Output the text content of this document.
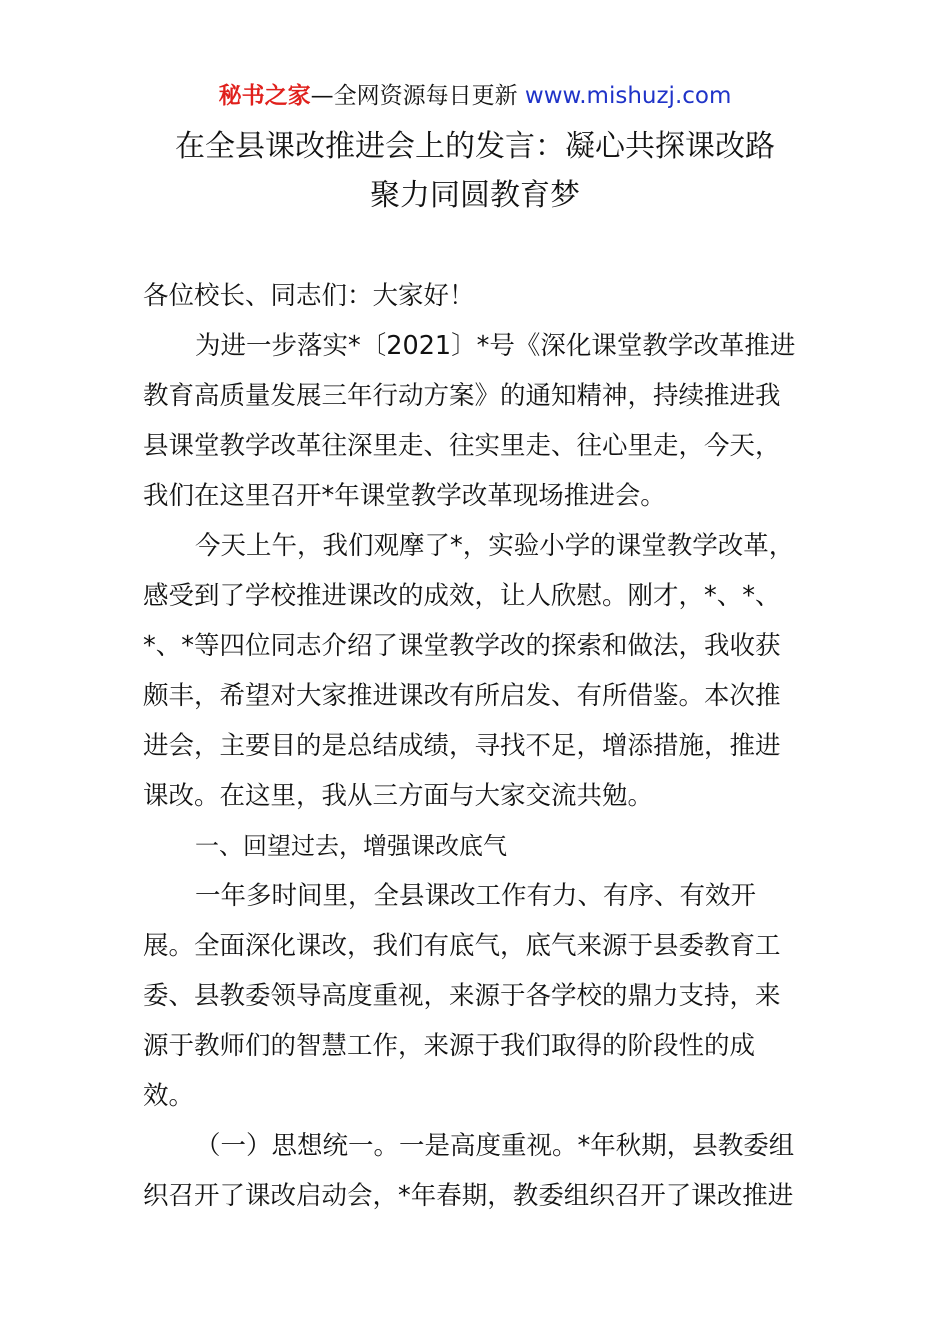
秘书之家—全网资源每日更新 www.mishuzj.com
在全县课改推进会上的发言：凝心共探课改路
聚力同圆教育梦
各位校长、同志们：大家好！
为进一步落实*〔2021〕*号《深化课堂教学改革推进
教育高质量发展三年行动方案》的通知精神，持续推进我
县课堂教学改革往深里走、往实里走、往心里走，今天，
我们在这里召开*年课堂教学改革现场推进会。
今天上午，我们观摩了*，实验小学的课堂教学改革，
感受到了学校推进课改的成效，让人欣慰。刚才，*、*、
*、*等四位同志介绍了课堂教学改的探索和做法，我收获
颇丰，希望对大家推进课改有所启发、有所借鉴。本次推
进会，主要目的是总结成绩，寻找不足，增添措施，推进
课改。在这里，我从三方面与大家交流共勉。
一、回望过去，增强课改底气
一年多时间里，全县课改工作有力、有序、有效开
展。全面深化课改，我们有底气，底气来源于县委教育工
委、县教委领导高度重视，来源于各学校的鼎力支持，来
源于教师们的智慧工作，来源于我们取得的阶段性的成
效。
（一）思想统一。一是高度重视。*年秋期，县教委组
织召开了课改启动会，*年春期，教委组织召开了课改推进
